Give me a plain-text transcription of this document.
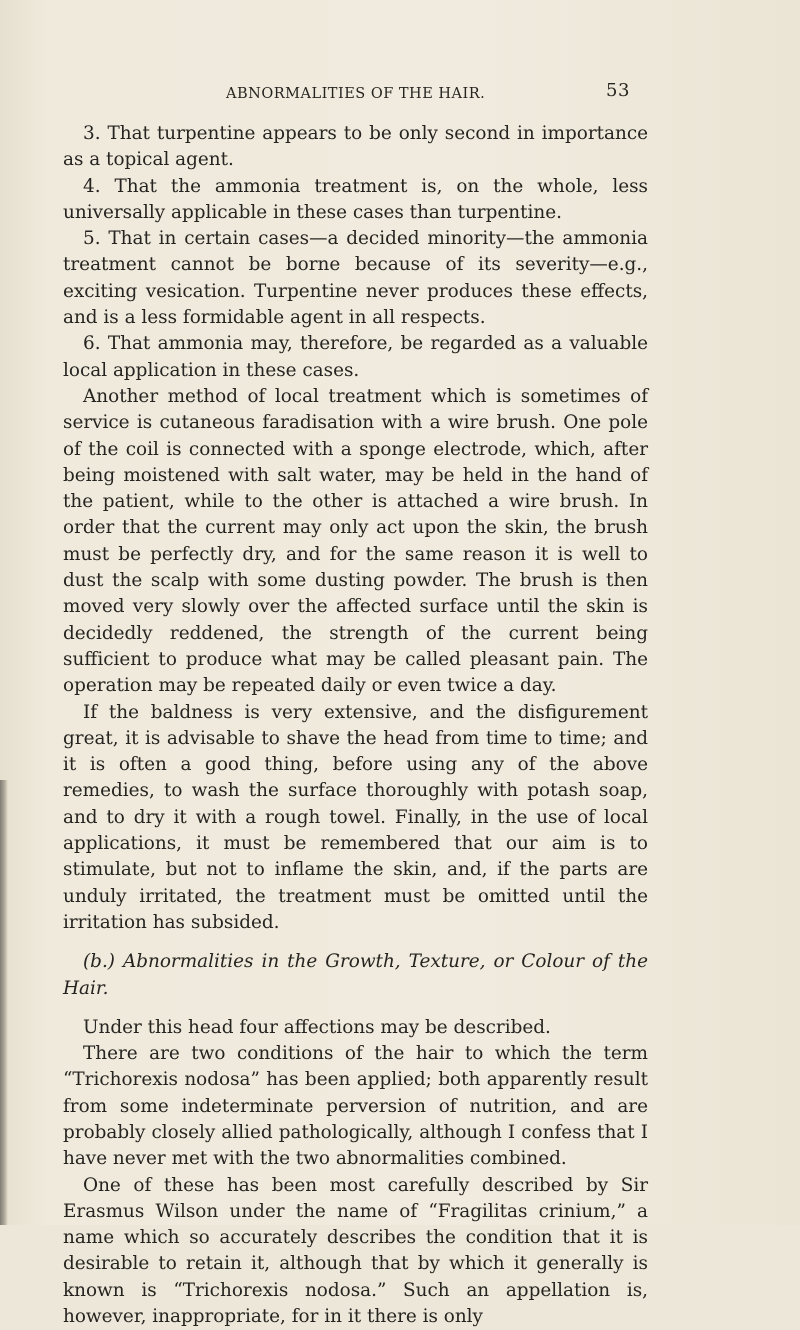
ABNORMALITIES OF THE HAIR.	53

3. That turpentine appears to be only second in importance as a topical agent.

4. That the ammonia treatment is, on the whole, less universally applicable in these cases than turpentine.

5. That in certain cases—a decided minority—the ammonia treatment cannot be borne because of its severity—e.g., exciting vesication. Turpentine never produces these effects, and is a less formidable agent in all respects.

6. That ammonia may, therefore, be regarded as a valuable local application in these cases.

Another method of local treatment which is sometimes of service is cutaneous faradisation with a wire brush. One pole of the coil is connected with a sponge electrode, which, after being moistened with salt water, may be held in the hand of the patient, while to the other is attached a wire brush. In order that the current may only act upon the skin, the brush must be perfectly dry, and for the same reason it is well to dust the scalp with some dusting powder. The brush is then moved very slowly over the affected surface until the skin is decidedly reddened, the strength of the current being sufficient to produce what may be called pleasant pain. The operation may be repeated daily or even twice a day.

If the baldness is very extensive, and the disfigurement great, it is advisable to shave the head from time to time; and it is often a good thing, before using any of the above remedies, to wash the surface thoroughly with potash soap, and to dry it with a rough towel. Finally, in the use of local applications, it must be remembered that our aim is to stimulate, but not to inflame the skin, and, if the parts are unduly irritated, the treatment must be omitted until the irritation has subsided.

(b.) Abnormalities in the Growth, Texture, or Colour of the Hair.

Under this head four affections may be described.

There are two conditions of the hair to which the term “Trichorexis nodosa” has been applied; both apparently result from some indeterminate perversion of nutrition, and are probably closely allied pathologically, although I confess that I have never met with the two abnormalities combined.

One of these has been most carefully described by Sir Erasmus Wilson under the name of “Fragilitas crinium,” a name which so accurately describes the condition that it is desirable to retain it, although that by which it generally is known is “Trichorexis nodosa.” Such an appellation is, however, inappropriate, for in it there is only
